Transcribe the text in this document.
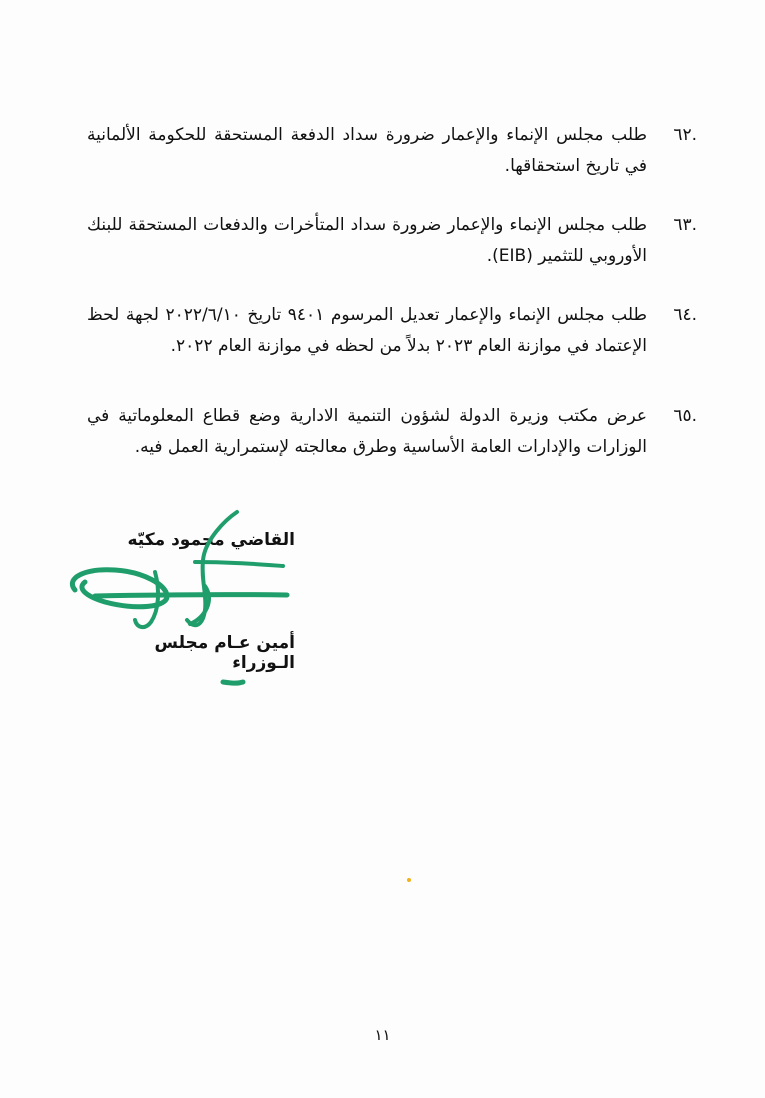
.٦٢
طلب مجلس الإنماء والإعمار ضرورة سداد الدفعة المستحقة للحكومة الألمانية في تاريخ استحقاقها.
.٦٣
طلب مجلس الإنماء والإعمار ضرورة سداد المتأخرات والدفعات المستحقة للبنك الأوروبي للتثمير (EIB).
.٦٤
طلب مجلس الإنماء والإعمار تعديل المرسوم ٩٤٠١ تاريخ ٢٠٢٢/٦/١٠ لجهة لحظ الإعتماد في موازنة العام ٢٠٢٣ بدلاً من لحظه في موازنة العام ٢٠٢٢.
.٦٥
عرض مكتب وزيرة الدولة لشؤون التنمية الادارية وضع قطاع المعلوماتية في الوزارات والإدارات العامة الأساسية وطرق معالجته لإستمرارية العمل فيه.
القاضي محمود مكيّه
أمين عـام مجلس الـوزراء
١١
